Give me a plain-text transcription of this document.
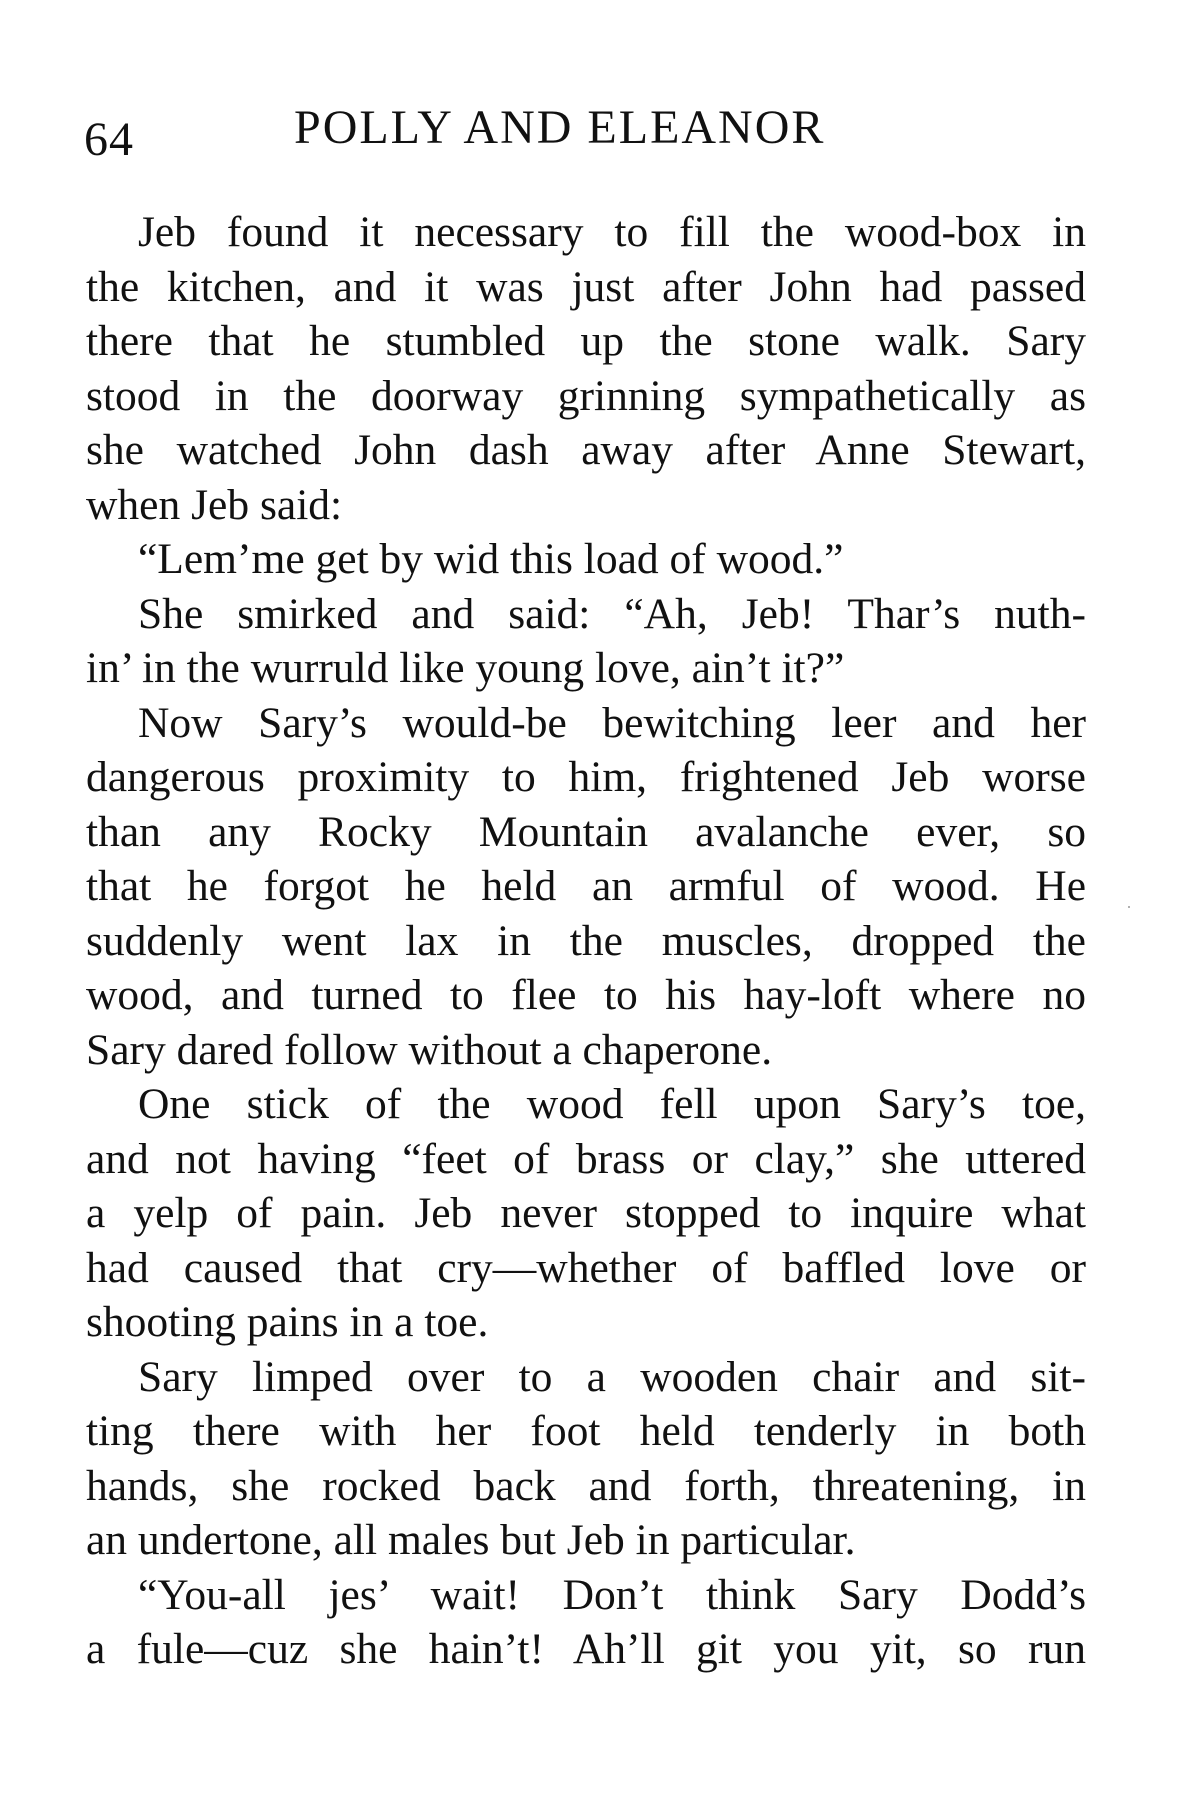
64	POLLY AND ELEANOR
Jeb found it necessary to fill the wood-box in
the kitchen, and it was just after John had passed
there that he stumbled up the stone walk. Sary
stood in the doorway grinning sympathetically as
she watched John dash away after Anne Stewart,
when Jeb said:
“Lem’me get by wid this load of wood.”
She smirked and said: “Ah, Jeb! Thar’s nuth-
in’ in the wurruld like young love, ain’t it?”
Now Sary’s would-be bewitching leer and her
dangerous proximity to him, frightened Jeb worse
than any Rocky Mountain avalanche ever, so
that he forgot he held an armful of wood. He
suddenly went lax in the muscles, dropped the
wood, and turned to flee to his hay-loft where no
Sary dared follow without a chaperone.
One stick of the wood fell upon Sary’s toe,
and not having “feet of brass or clay,” she uttered
a yelp of pain. Jeb never stopped to inquire what
had caused that cry—whether of baffled love or
shooting pains in a toe.
Sary limped over to a wooden chair and sit-
ting there with her foot held tenderly in both
hands, she rocked back and forth, threatening, in
an undertone, all males but Jeb in particular.
“You-all jes’ wait! Don’t think Sary Dodd’s
a fule—cuz she hain’t! Ah’ll git you yit, so run
